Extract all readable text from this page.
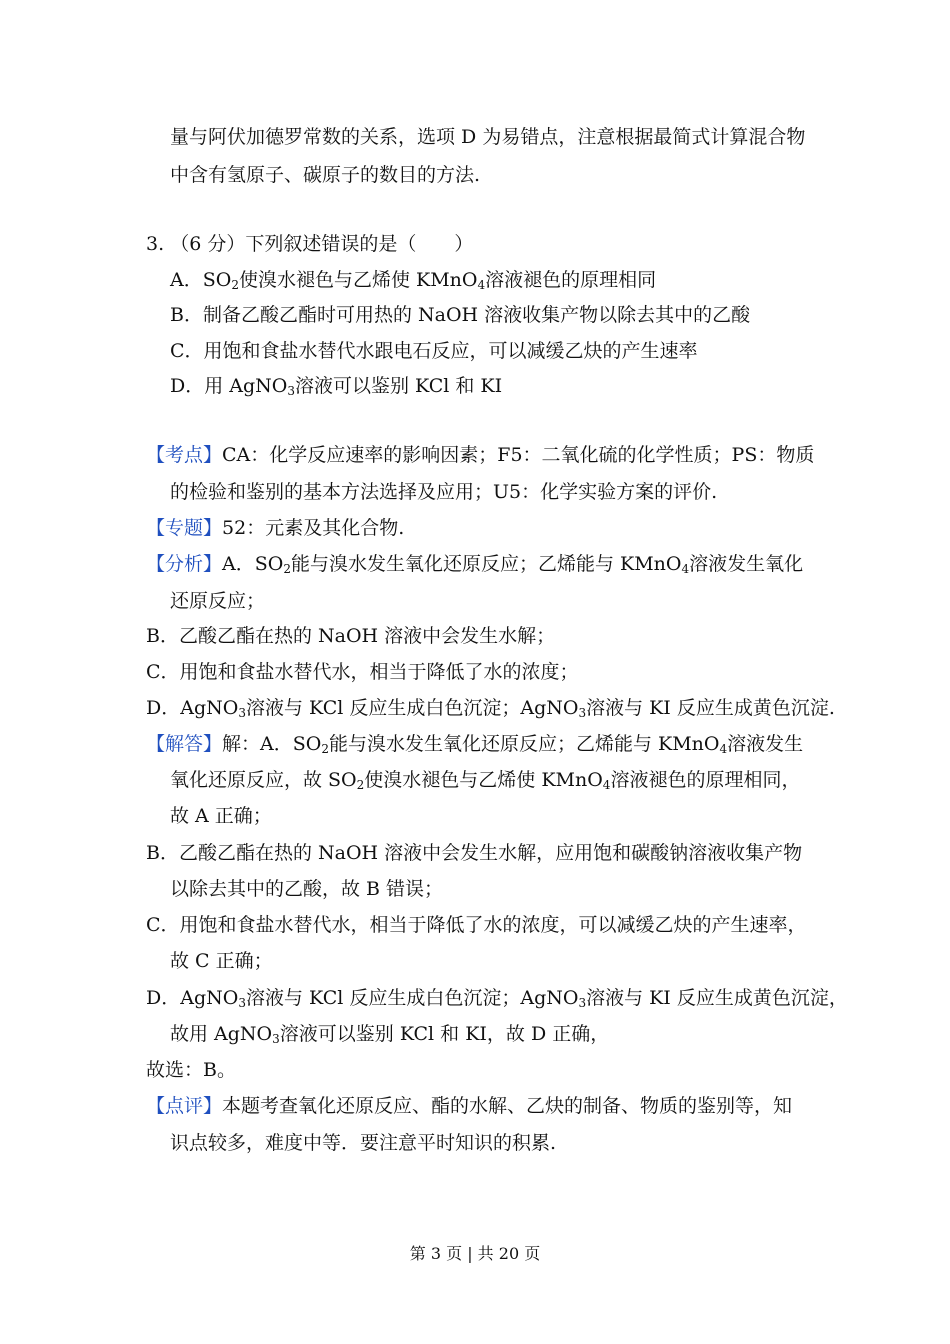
量与阿伏加德罗常数的关系，选项 D 为易错点，注意根据最简式计算混合物
中含有氢原子、碳原子的数目的方法.
3. （6 分）下列叙述错误的是（　　）
A．$SO_2$使溴水褪色与乙烯使 KMnO$_4$溶液褪色的原理相同
B．制备乙酸乙酯时可用热的 NaOH 溶液收集产物以除去其中的乙酸
C．用饱和食盐水替代水跟电石反应，可以减缓乙炔的产生速率
D．用 AgNO$_3$溶液可以鉴别 KCl 和 KI
【考点】CA：化学反应速率的影响因素；F5：二氧化硫的化学性质；PS：物质
的检验和鉴别的基本方法选择及应用；U5：化学实验方案的评价.
【专题】52：元素及其化合物.
【分析】A．$SO_2$能与溴水发生氧化还原反应；乙烯能与 KMnO$_4$溶液发生氧化
还原反应；
B．乙酸乙酯在热的 NaOH 溶液中会发生水解；
C．用饱和食盐水替代水，相当于降低了水的浓度；
D．AgNO$_3$溶液与 KCl 反应生成白色沉淀；AgNO$_3$溶液与 KI 反应生成黄色沉淀.
【解答】解：A．$SO_2$能与溴水发生氧化还原反应；乙烯能与 KMnO$_4$溶液发生
氧化还原反应，故 $SO_2$使溴水褪色与乙烯使 KMnO$_4$溶液褪色的原理相同，
故 A 正确；
B．乙酸乙酯在热的 NaOH 溶液中会发生水解，应用饱和碳酸钠溶液收集产物
以除去其中的乙酸，故 B 错误；
C．用饱和食盐水替代水，相当于降低了水的浓度，可以减缓乙炔的产生速率，
故 C 正确；
D．AgNO$_3$溶液与 KCl 反应生成白色沉淀；AgNO$_3$溶液与 KI 反应生成黄色沉淀，
故用 AgNO$_3$溶液可以鉴别 KCl 和 KI，故 D 正确，
故选：B。
【点评】本题考查氧化还原反应、酯的水解、乙炔的制备、物质的鉴别等，知
识点较多，难度中等．要注意平时知识的积累.
第 3 页 | 共 20 页
